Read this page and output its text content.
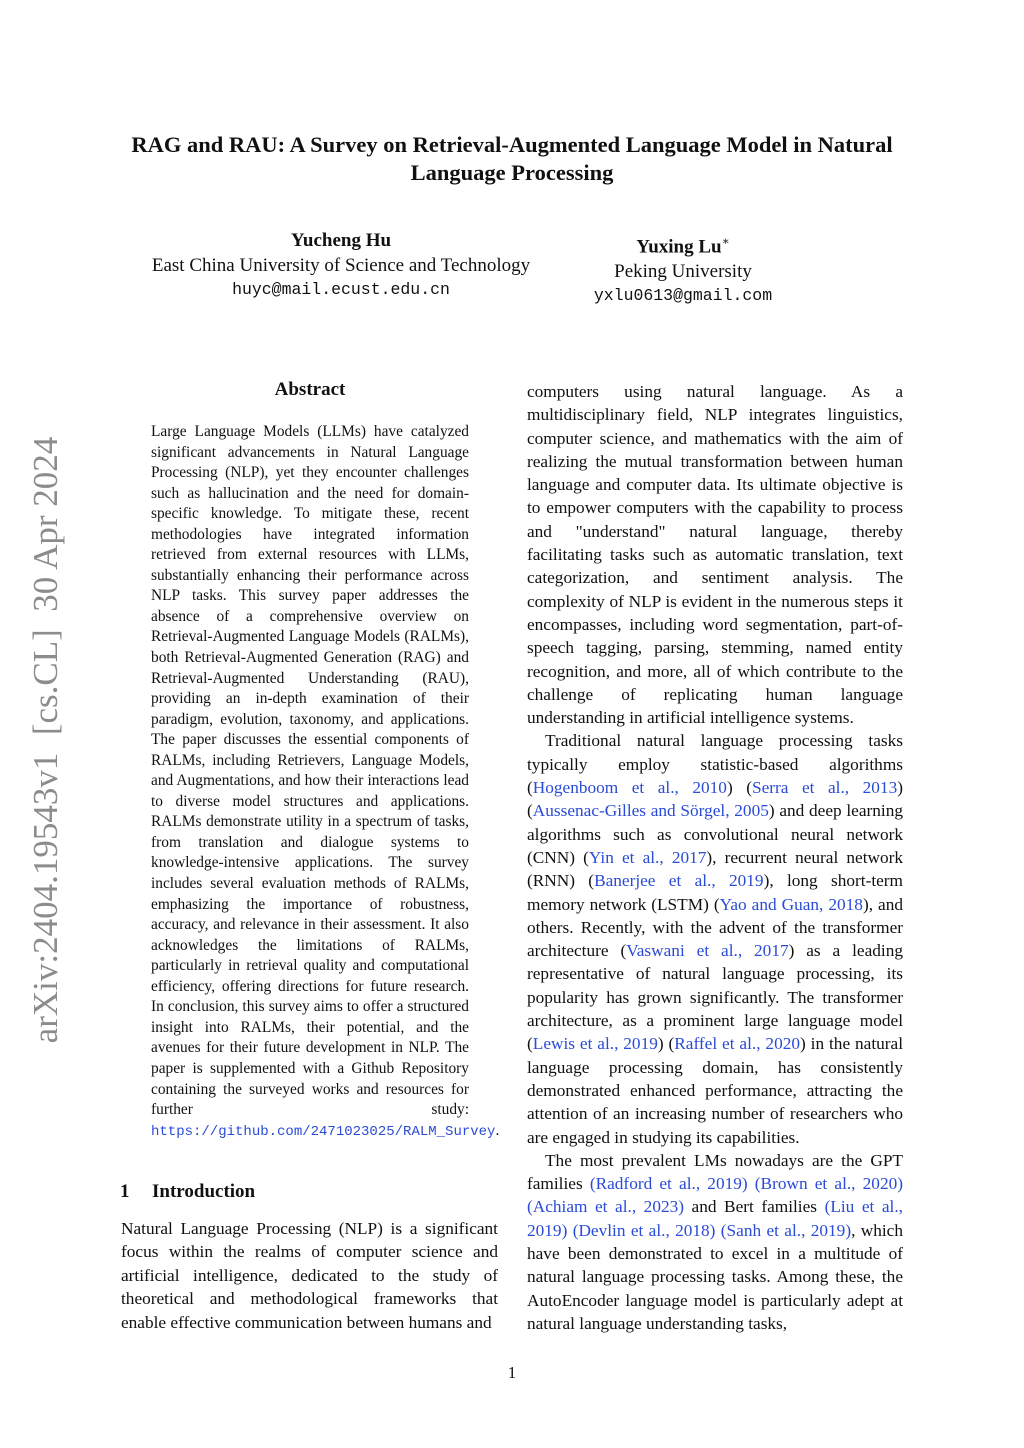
RAG and RAU: A Survey on Retrieval-Augmented Language Model in Natural Language Processing
Yucheng Hu
East China University of Science and Technology
huyc@mail.ecust.edu.cn
Yuxing Lu∗
Peking University
yxlu0613@gmail.com
arXiv:2404.19543v1  [cs.CL]  30 Apr 2024
Abstract
Large Language Models (LLMs) have catalyzed significant advancements in Natural Language Processing (NLP), yet they encounter challenges such as hallucination and the need for domain-specific knowledge. To mitigate these, recent methodologies have integrated information retrieved from external resources with LLMs, substantially enhancing their performance across NLP tasks. This survey paper addresses the absence of a comprehensive overview on Retrieval-Augmented Language Models (RALMs), both Retrieval-Augmented Generation (RAG) and Retrieval-Augmented Understanding (RAU), providing an in-depth examination of their paradigm, evolution, taxonomy, and applications. The paper discusses the essential components of RALMs, including Retrievers, Language Models, and Augmentations, and how their interactions lead to diverse model structures and applications. RALMs demonstrate utility in a spectrum of tasks, from translation and dialogue systems to knowledge-intensive applications. The survey includes several evaluation methods of RALMs, emphasizing the importance of robustness, accuracy, and relevance in their assessment. It also acknowledges the limitations of RALMs, particularly in retrieval quality and computational efficiency, offering directions for future research. In conclusion, this survey aims to offer a structured insight into RALMs, their potential, and the avenues for their future development in NLP. The paper is supplemented with a Github Repository containing the surveyed works and resources for further study: https://github.com/2471023025/RALM_Survey.
1 Introduction
Natural Language Processing (NLP) is a significant focus within the realms of computer science and artificial intelligence, dedicated to the study of theoretical and methodological frameworks that enable effective communication between humans and

computers using natural language. As a multidisciplinary field, NLP integrates linguistics, computer science, and mathematics with the aim of realizing the mutual transformation between human language and computer data. Its ultimate objective is to empower computers with the capability to process and "understand" natural language, thereby facilitating tasks such as automatic translation, text categorization, and sentiment analysis. The complexity of NLP is evident in the numerous steps it encompasses, including word segmentation, part-of-speech tagging, parsing, stemming, named entity recognition, and more, all of which contribute to the challenge of replicating human language understanding in artificial intelligence systems.

Traditional natural language processing tasks typically employ statistic-based algorithms (Hogenboom et al., 2010) (Serra et al., 2013) (Aussenac-Gilles and Sörgel, 2005) and deep learning algorithms such as convolutional neural network (CNN) (Yin et al., 2017), recurrent neural network (RNN) (Banerjee et al., 2019), long short-term memory network (LSTM) (Yao and Guan, 2018), and others. Recently, with the advent of the transformer architecture (Vaswani et al., 2017) as a leading representative of natural language processing, its popularity has grown significantly. The transformer architecture, as a prominent large language model (Lewis et al., 2019) (Raffel et al., 2020) in the natural language processing domain, has consistently demonstrated enhanced performance, attracting the attention of an increasing number of researchers who are engaged in studying its capabilities.

The most prevalent LMs nowadays are the GPT families (Radford et al., 2019) (Brown et al., 2020) (Achiam et al., 2023) and Bert families (Liu et al., 2019) (Devlin et al., 2018) (Sanh et al., 2019), which have been demonstrated to excel in a multitude of natural language processing tasks. Among these, the AutoEncoder language model is particularly adept at natural language understanding tasks,

1
